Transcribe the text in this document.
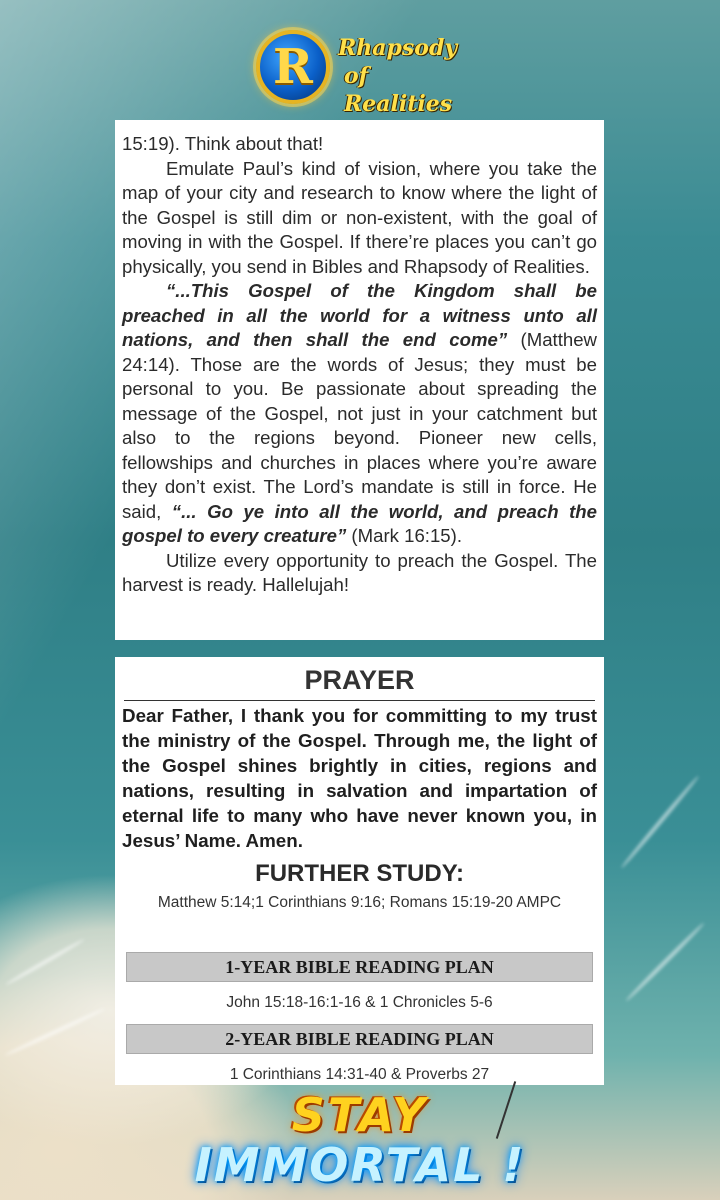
R Rhapsody
of Realities

15:19). Think about that!

Emulate Paul’s kind of vision, where you take the map of your city and research to know where the light of the Gospel is still dim or non-existent, with the goal of moving in with the Gospel. If there’re places you can’t go physically, you send in Bibles and Rhapsody of Realities.

“...This Gospel of the Kingdom shall be preached in all the world for a witness unto all nations, and then shall the end come” (Matthew 24:14). Those are the words of Jesus; they must be personal to you. Be passionate about spreading the message of the Gospel, not just in your catchment but also to the regions beyond. Pioneer new cells, fellowships and churches in places where you’re aware they don’t exist. The Lord’s mandate is still in force. He said, “... Go ye into all the world, and preach the gospel to every creature” (Mark 16:15).

Utilize every opportunity to preach the Gospel. The harvest is ready. Hallelujah!

PRAYER

Dear Father, I thank you for committing to my trust the ministry of the Gospel. Through me, the light of the Gospel shines brightly in cities, regions and nations, resulting in salvation and impartation of eternal life to many who have never known you, in Jesus’ Name. Amen.

FURTHER STUDY:
Matthew 5:14;1 Corinthians 9:16; Romans 15:19-20 AMPC
1-YEAR BIBLE READING PLAN
John 15:18-16:1-16 & 1 Chronicles 5-6
2-YEAR BIBLE READING PLAN
1 Corinthians 14:31-40 & Proverbs 27
STAY
IMMORTAL !
